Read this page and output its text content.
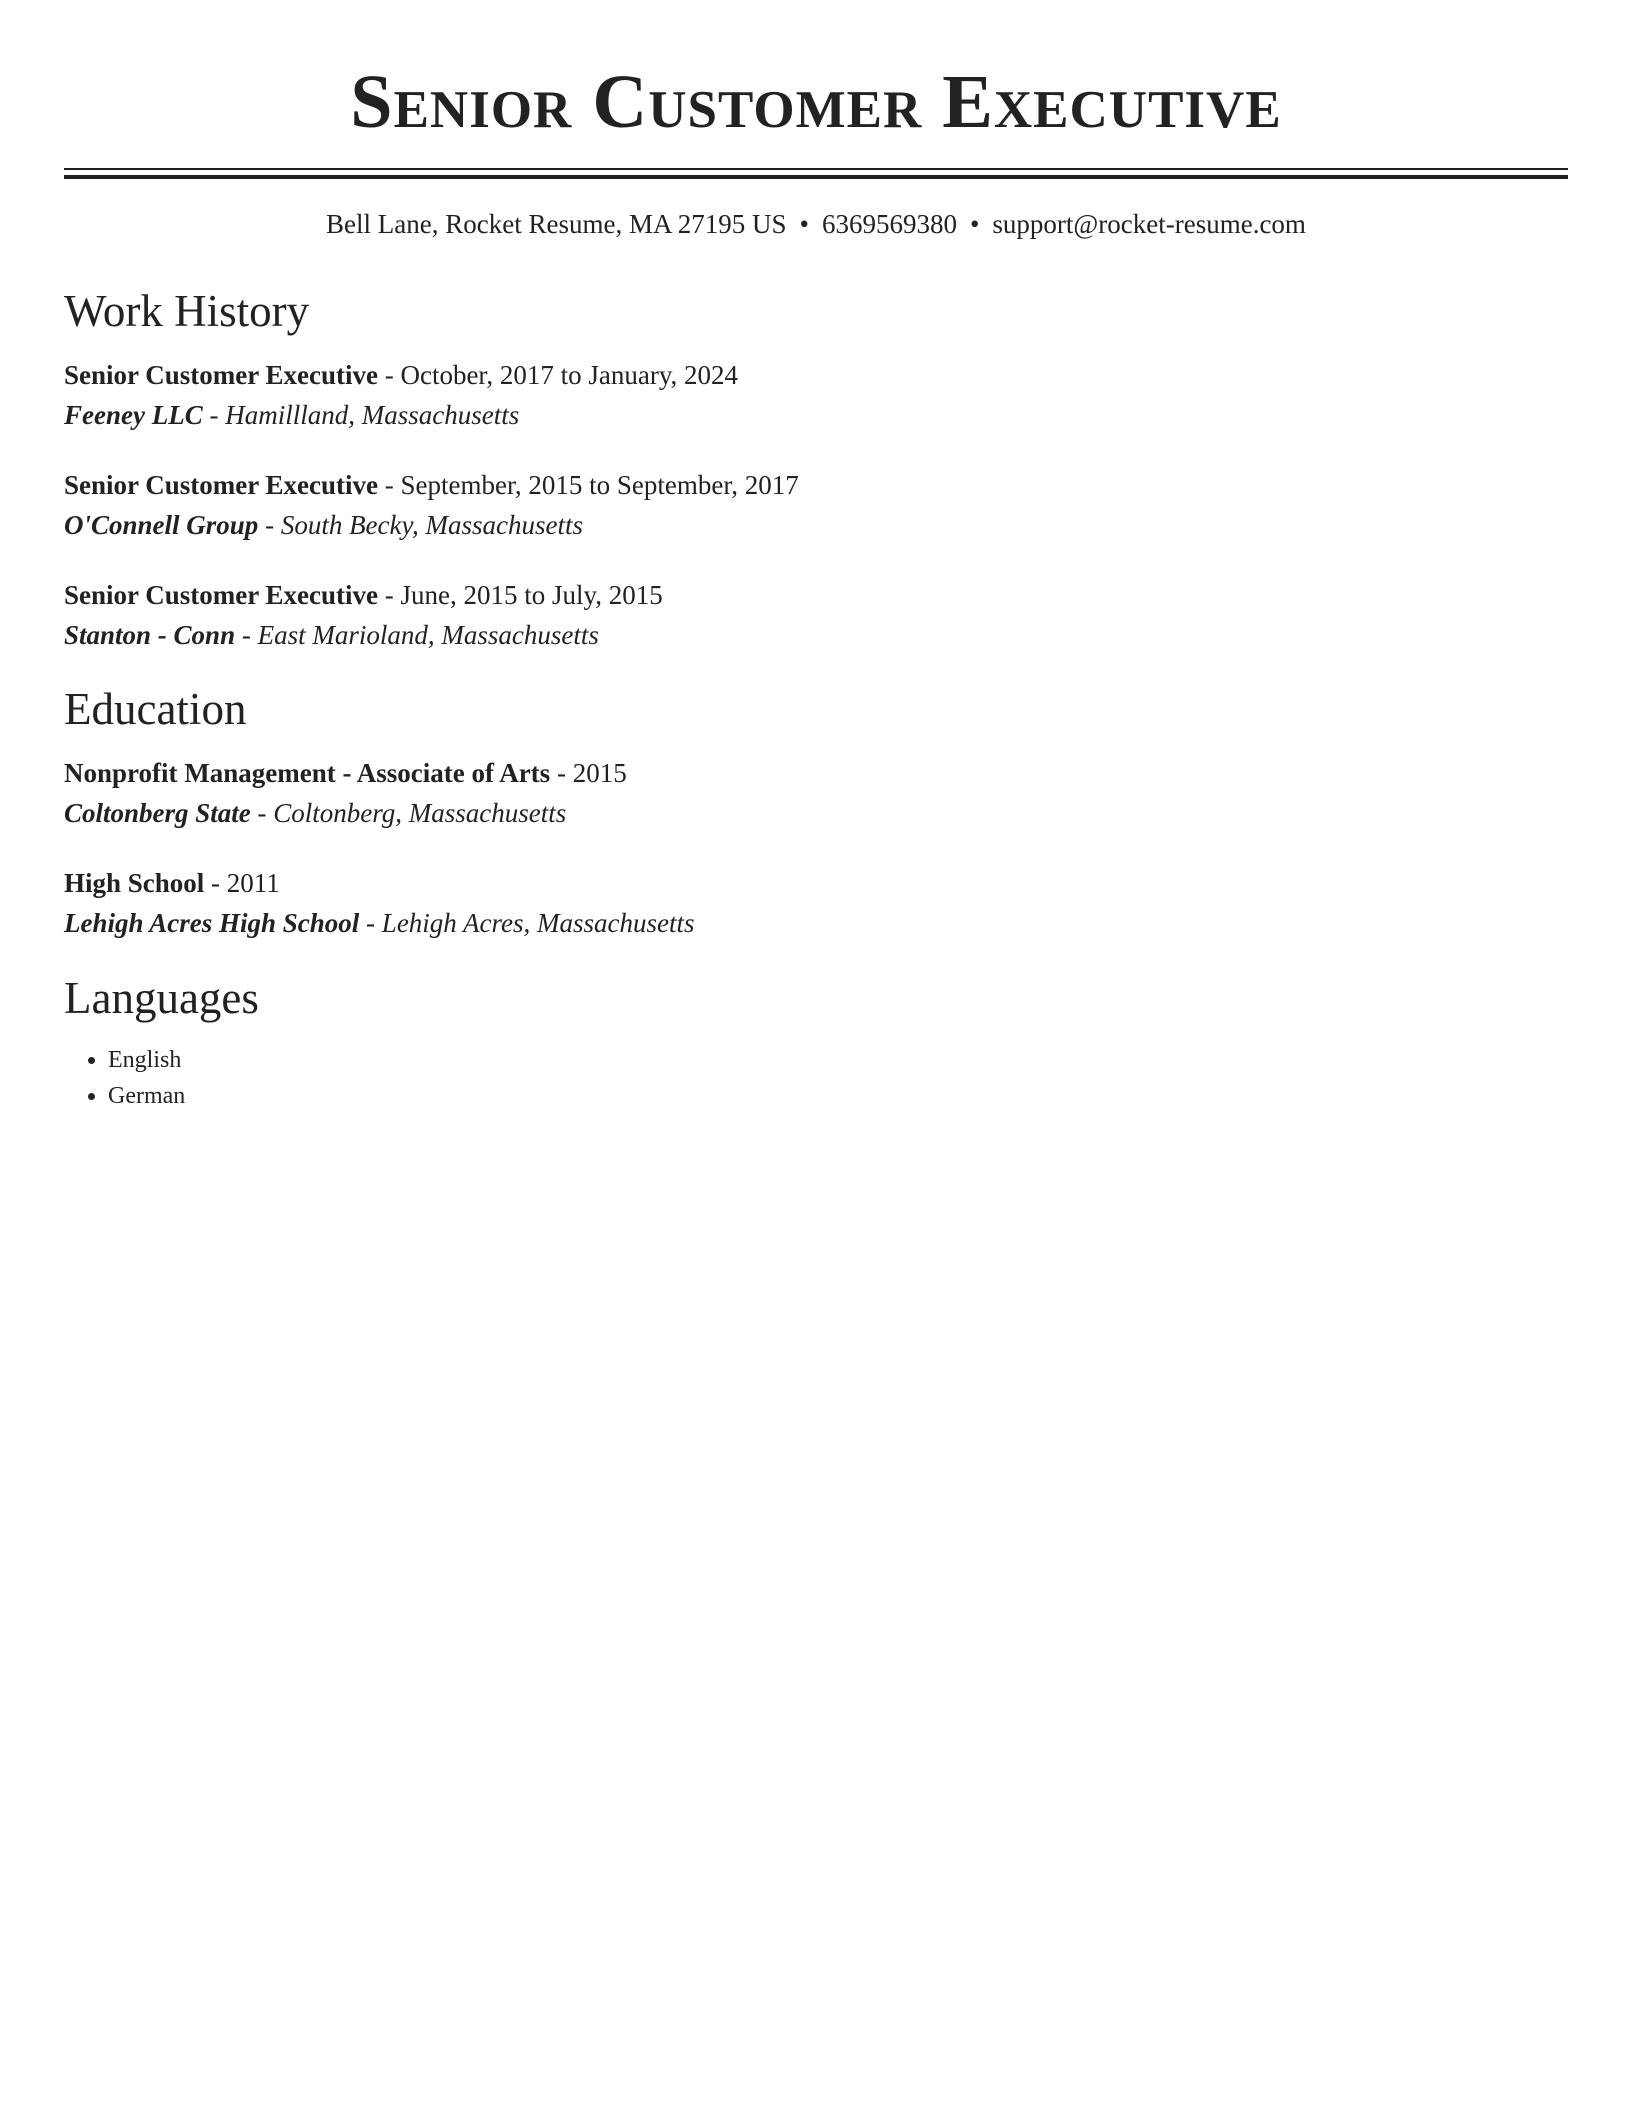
Senior Customer Executive
Bell Lane, Rocket Resume, MA 27195 US • 6369569380 • support@rocket-resume.com
Work History
Senior Customer Executive - October, 2017 to January, 2024
Feeney LLC - Hamillland, Massachusetts
Senior Customer Executive - September, 2015 to September, 2017
O'Connell Group - South Becky, Massachusetts
Senior Customer Executive - June, 2015 to July, 2015
Stanton - Conn - East Marioland, Massachusetts
Education
Nonprofit Management - Associate of Arts - 2015
Coltonberg State - Coltonberg, Massachusetts
High School - 2011
Lehigh Acres High School - Lehigh Acres, Massachusetts
Languages
• English
• German
